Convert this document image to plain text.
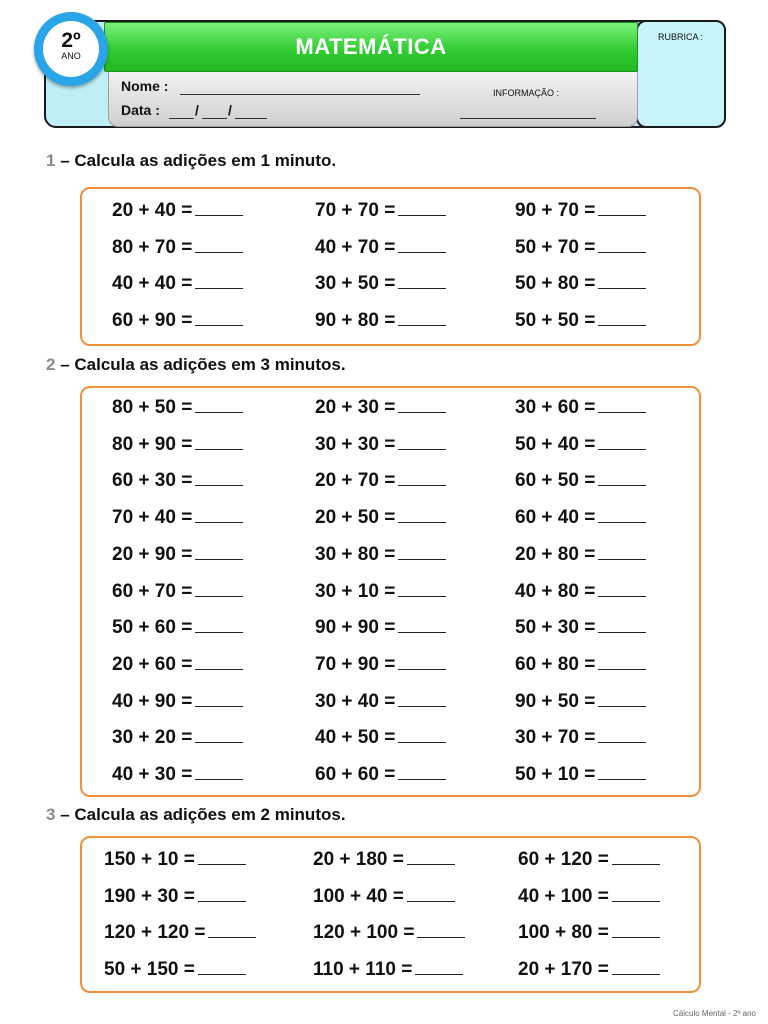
RUBRICA :
MATEMÁTICA
Nome :
Data :	/ /
INFORMAÇÃO :
2º
ANO
1 – Calcula as adições em 1 minuto.
20 + 40 =
80 + 70 =
40 + 40 =
60 + 90 =
70 + 70 =
40 + 70 =
30 + 50 =
90 + 80 =
90 + 70 =
50 + 70 =
50 + 80 =
50 + 50 =
2 – Calcula as adições em 3 minutos.
80 + 50 =
80 + 90 =
60 + 30 =
70 + 40 =
20 + 90 =
60 + 70 =
50 + 60 =
20 + 60 =
40 + 90 =
30 + 20 =
40 + 30 =
20 + 30 =
30 + 30 =
20 + 70 =
20 + 50 =
30 + 80 =
30 + 10 =
90 + 90 =
70 + 90 =
30 + 40 =
40 + 50 =
60 + 60 =
30 + 60 =
50 + 40 =
60 + 50 =
60 + 40 =
20 + 80 =
40 + 80 =
50 + 30 =
60 + 80 =
90 + 50 =
30 + 70 =
50 + 10 =
3 – Calcula as adições em 2 minutos.
150 + 10 =
190 + 30 =
120 + 120 =
50 + 150 =
20 + 180 =
100 + 40 =
120 + 100 =
110 + 110 =
60 + 120 =
40 + 100 =
100 + 80 =
20 + 170 =
Cálculo Mental - 2º ano
